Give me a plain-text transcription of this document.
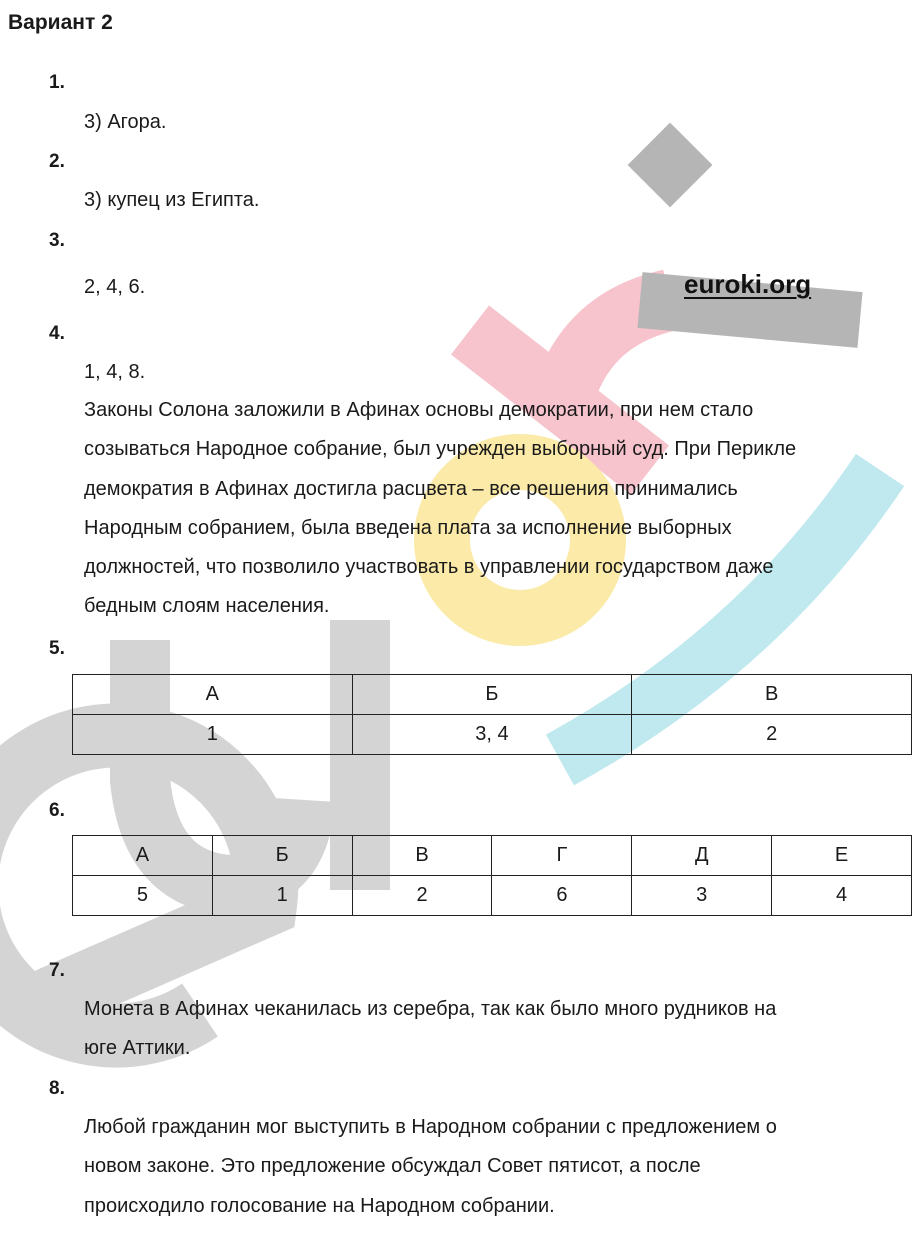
Вариант 2
euroki.org
1.
3) Агора.
2.
3) купец из Египта.
3.
2, 4, 6.
4.
1, 4, 8.
Законы Солона заложили в Афинах основы демократии, при нем стало
созываться Народное собрание, был учрежден выборный суд. При Перикле
демократия в Афинах достигла расцвета – все решения принимались
Народным собранием, была введена плата за исполнение выборных
должностей, что позволило участвовать в управлении государством даже
бедным слоям населения.
5.
А	Б	В
1	3, 4	2
6.
А	Б	В	Г	Д	Е
5	1	2	6	3	4
7.
Монета в Афинах чеканилась из серебра, так как было много рудников на
юге Аттики.
8.
Любой гражданин мог выступить в Народном собрании с предложением о
новом законе. Это предложение обсуждал Совет пятисот, а после
происходило голосование на Народном собрании.
